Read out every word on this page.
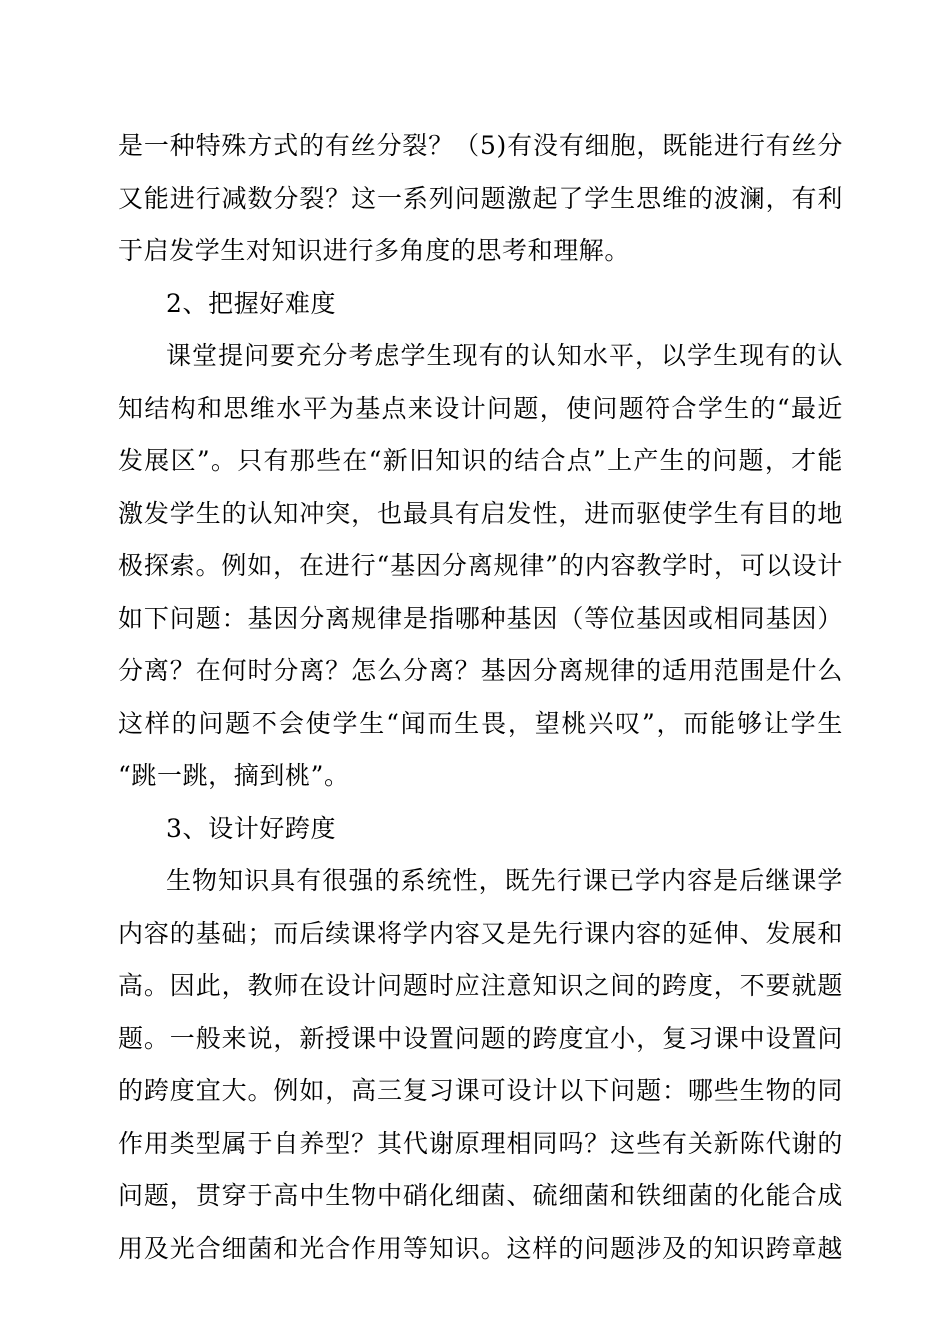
是一种特殊方式的有丝分裂？（5)有没有细胞，既能进行有丝分
又能进行减数分裂？这一系列问题激起了学生思维的波澜，有利
于启发学生对知识进行多角度的思考和理解。
2、把握好难度
课堂提问要充分考虑学生现有的认知水平，以学生现有的认
知结构和思维水平为基点来设计问题，使问题符合学生的“最近
发展区”。只有那些在“新旧知识的结合点”上产生的问题，才能
激发学生的认知冲突，也最具有启发性，进而驱使学生有目的地
极探索。例如，在进行“基因分离规律”的内容教学时，可以设计
如下问题：基因分离规律是指哪种基因（等位基因或相同基因）
分离？在何时分离？怎么分离？基因分离规律的适用范围是什么
这样的问题不会使学生“闻而生畏，望桃兴叹”，而能够让学生
“跳一跳，摘到桃”。
3、设计好跨度
生物知识具有很强的系统性，既先行课已学内容是后继课学
内容的基础；而后续课将学内容又是先行课内容的延伸、发展和
高。因此，教师在设计问题时应注意知识之间的跨度，不要就题
题。一般来说，新授课中设置问题的跨度宜小，复习课中设置问
的跨度宜大。例如，高三复习课可设计以下问题：哪些生物的同
作用类型属于自养型？其代谢原理相同吗？这些有关新陈代谢的
问题，贯穿于高中生物中硝化细菌、硫细菌和铁细菌的化能合成
用及光合细菌和光合作用等知识。这样的问题涉及的知识跨章越
